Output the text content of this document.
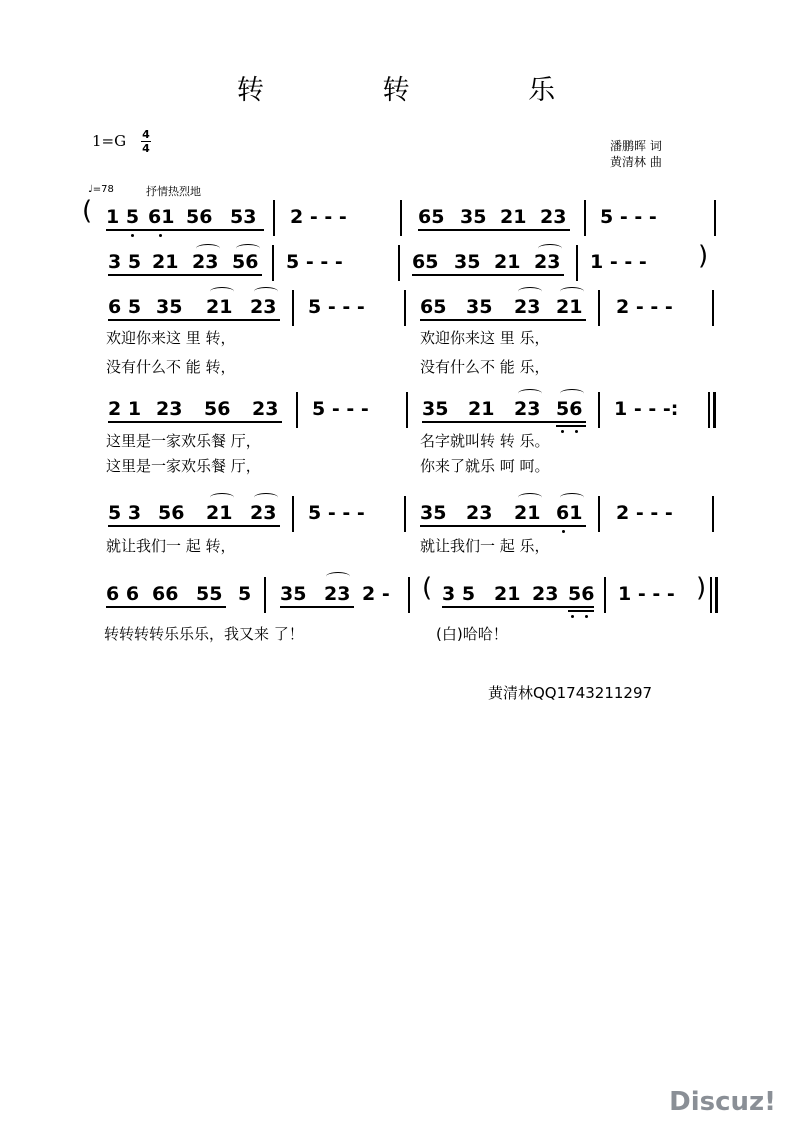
转 转 乐
1=G 4
4	潘鹏晖 词
黄清林 曲
♩=78	抒情热烈地
( 1 5 61 56 53 2 - - -	65 35 21 23 5 - - -
3 5 21 23 56 5 - - -	65 35 21 23 1 - - - )
6 5 35 21 23 5 - - -	65 35 23 21 2 - - -
欢迎你来这 里 转，	欢迎你来这 里 乐，
没有什么不 能 转，	没有什么不 能 乐，
2 1 23 56 23 5 - - -	35 21 23 56 1 - - -:
这里是一家欢乐餐 厅，	名字就叫转 转 乐。
这里是一家欢乐餐 厅，	你来了就乐 呵 呵。
5 3 56 21 23 5 - - -	35 23 21 61 2 - - -
就让我们一 起 转，	就让我们一 起 乐，
6 6 66 55 5 35 23 2 - ( 3 5 21 23 56 1 - - - )
转转转转乐乐乐，我又来 了！	(白)哈哈！
黄清林QQ1743211297
Discuz!
